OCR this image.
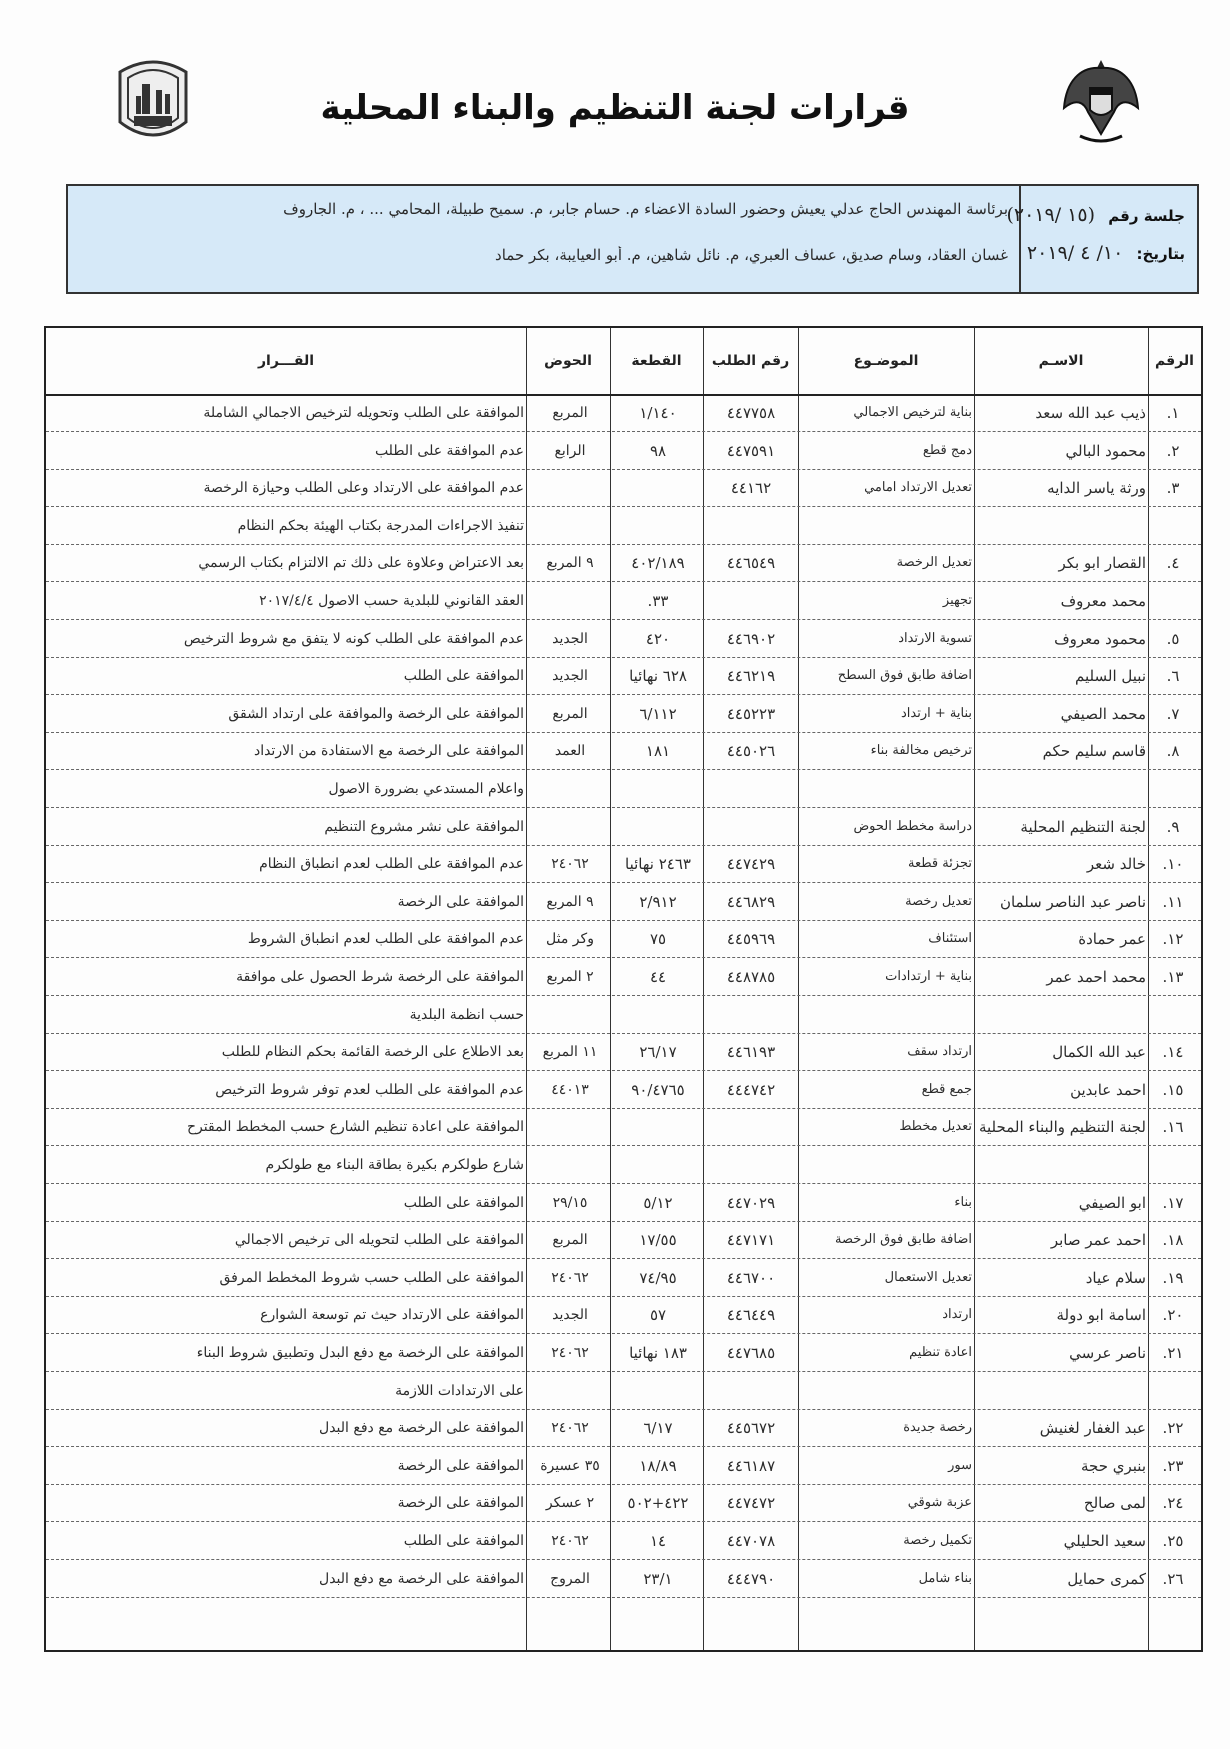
قرارات لجنة التنظيم والبناء المحلية
جلسة رقم (١٥ /٢٠١٩)
بتاريخ: ١٠/ ٤ /٢٠١٩
برئاسة المهندس الحاج عدلي يعيش وحضور السادة الاعضاء م. حسام جابر، م. سميح طبيلة، المحامي ... ، م. الجاروف
غسان العقاد، وسام صديق، عساف العبري، م. نائل شاهين، م. أبو العيايبة، بكر حماد
الرقم
الاسـم
الموضـوع
رقم الطلب
القطعة
الحوض
القـــرار
١.
ذيب عبد الله سعد
بناية لترخيص الاجمالي
٤٤٧٧٥٨
١/١٤٠
المربع
الموافقة على الطلب وتحويله لترخيص الاجمالي الشاملة
٢.
محمود البالي
دمج قطع
٤٤٧٥٩١
٩٨
الرابع
عدم الموافقة على الطلب
٣.
ورثة ياسر الدايه
تعديل الارتداد امامي
٤٤١٦٢
عدم الموافقة على الارتداد وعلى الطلب وحيازة الرخصة
تنفيذ الاجراءات المدرجة بكتاب الهيئة بحكم النظام
٤.
القصار ابو بكر
تعديل الرخصة
٤٤٦٥٤٩
٤٠٢/١٨٩
٩ المربع
بعد الاعتراض وعلاوة على ذلك تم الالتزام بكتاب الرسمي
محمد معروف
تجهيز
٣٣.
العقد القانوني للبلدية حسب الاصول ٢٠١٧/٤/٤
٥.
محمود معروف
تسوية الارتداد
٤٤٦٩٠٢
٤٢٠
الجديد
عدم الموافقة على الطلب كونه لا يتفق مع شروط الترخيص
٦.
نبيل السليم
اضافة طابق فوق السطح
٤٤٦٢١٩
٦٢٨ نهائيا
الجديد
الموافقة على الطلب
٧.
محمد الصيفي
بناية + ارتداد
٤٤٥٢٢٣
٦/١١٢
المربع
الموافقة على الرخصة والموافقة على ارتداد الشقق
٨.
قاسم سليم حكم
ترخيص مخالفة بناء
٤٤٥٠٢٦
١٨١
العمد
الموافقة على الرخصة مع الاستفادة من الارتداد
واعلام المستدعي بضرورة الاصول
٩.
لجنة التنظيم المحلية
دراسة مخطط الحوض
الموافقة على نشر مشروع التنظيم
١٠.
خالد شعر
تجزئة قطعة
٤٤٧٤٢٩
٢٤٦٣ نهائيا
٢٤٠٦٢
عدم الموافقة على الطلب لعدم انطباق النظام
١١.
ناصر عبد الناصر سلمان
تعديل رخصة
٤٤٦٨٢٩
٢/٩١٢
٩ المربع
الموافقة على الرخصة
١٢.
عمر حمادة
استئناف
٤٤٥٩٦٩
٧٥
وكر مثل
عدم الموافقة على الطلب لعدم انطباق الشروط
١٣.
محمد احمد عمر
بناية + ارتدادات
٤٤٨٧٨٥
٤٤
٢ المربع
الموافقة على الرخصة شرط الحصول على موافقة
حسب انظمة البلدية
١٤.
عبد الله الكمال
ارتداد سقف
٤٤٦١٩٣
٢٦/١٧
١١ المربع
بعد الاطلاع على الرخصة القائمة بحكم النظام للطلب
١٥.
احمد عابدين
جمع قطع
٤٤٤٧٤٢
٩٠/٤٧٦٥
٤٤٠١٣
عدم الموافقة على الطلب لعدم توفر شروط الترخيص
١٦.
لجنة التنظيم والبناء المحلية
تعديل مخطط
الموافقة على اعادة تنظيم الشارع حسب المخطط المقترح
شارع طولكرم بكيرة بطاقة البناء مع طولكرم
١٧.
ابو الصيفي
بناء
٤٤٧٠٢٩
٥/١٢
٢٩/١٥
الموافقة على الطلب
١٨.
احمد عمر صابر
اضافة طابق فوق الرخصة
٤٤٧١٧١
١٧/٥٥
المربع
الموافقة على الطلب لتحويله الى ترخيص الاجمالي
١٩.
سلام عياد
تعديل الاستعمال
٤٤٦٧٠٠
٧٤/٩٥
٢٤٠٦٢
الموافقة على الطلب حسب شروط المخطط المرفق
٢٠.
اسامة ابو دولة
ارتداد
٤٤٦٤٤٩
٥٧
الجديد
الموافقة على الارتداد حيث تم توسعة الشوارع
٢١.
ناصر عرسي
اعادة تنظيم
٤٤٧٦٨٥
١٨٣ نهائيا
٢٤٠٦٢
الموافقة على الرخصة مع دفع البدل وتطبيق شروط البناء
على الارتدادات اللازمة
٢٢.
عبد الغفار لغنيش
رخصة جديدة
٤٤٥٦٧٢
٦/١٧
٢٤٠٦٢
الموافقة على الرخصة مع دفع البدل
٢٣.
بنبري حجة
سور
٤٤٦١٨٧
١٨/٨٩
٣٥ عسيرة
الموافقة على الرخصة
٢٤.
لمى صالح
عزبة شوقي
٤٤٧٤٧٢
٤٢٢+٥٠٢
٢ عسكر
الموافقة على الرخصة
٢٥.
سعيد الحليلي
تكميل رخصة
٤٤٧٠٧٨
١٤
٢٤٠٦٢
الموافقة على الطلب
٢٦.
كمرى حمايل
بناء شامل
٤٤٤٧٩٠
٢٣/١
المروج
الموافقة على الرخصة مع دفع البدل
